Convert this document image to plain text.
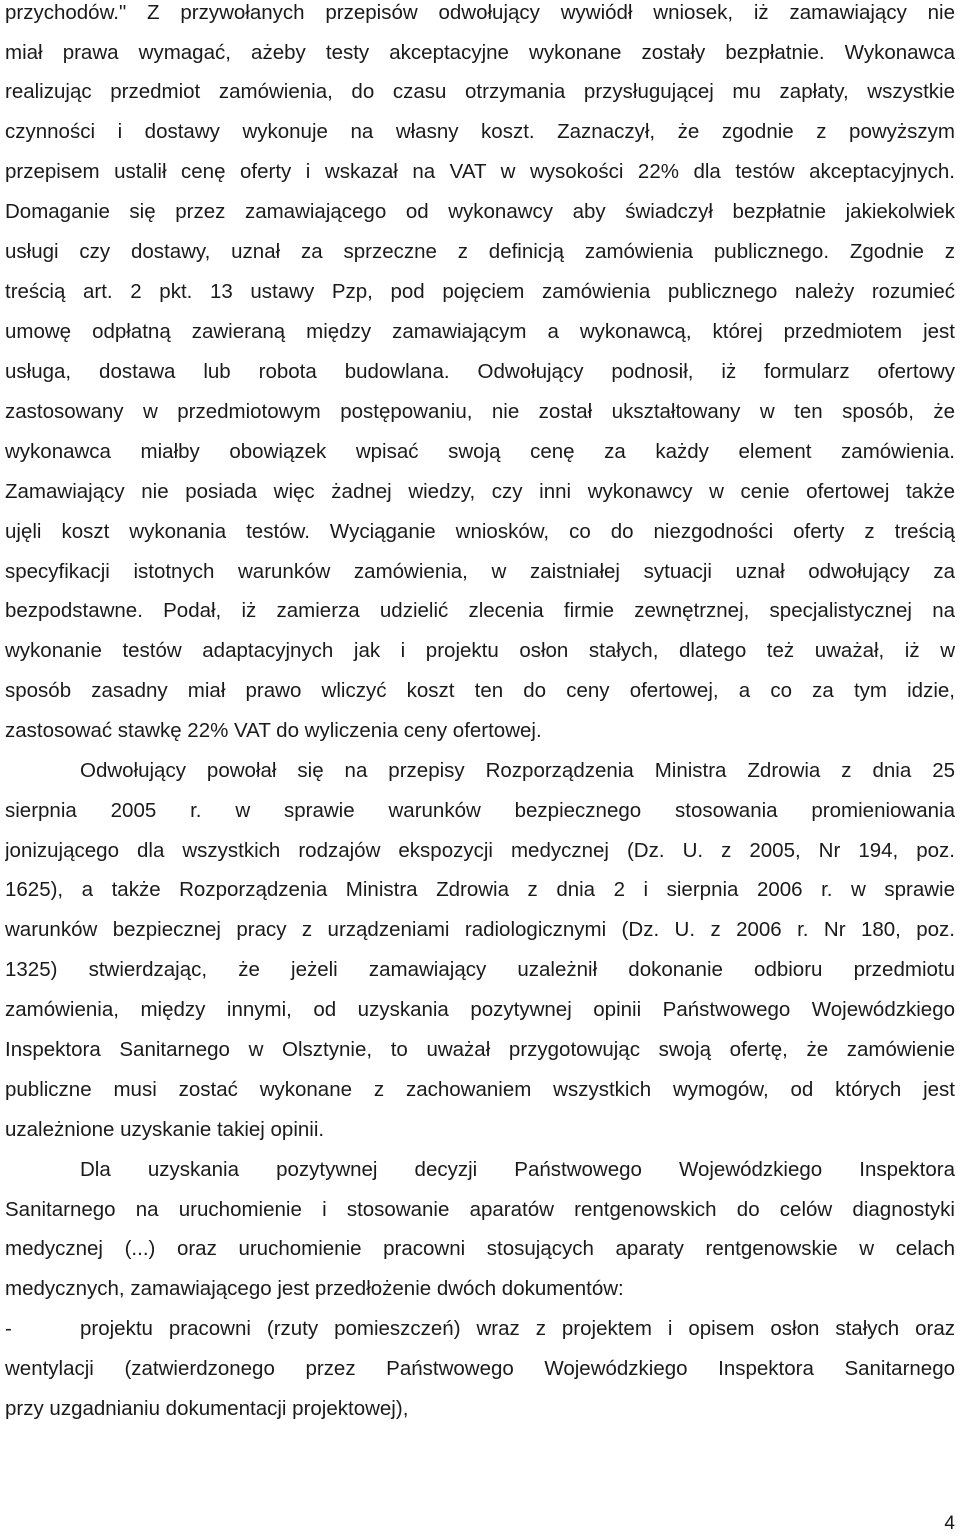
przychodów." Z przywołanych przepisów odwołujący wywiódł wniosek, iż zamawiający nie
miał prawa wymagać, ażeby testy akceptacyjne wykonane zostały bezpłatnie. Wykonawca
realizując przedmiot zamówienia, do czasu otrzymania przysługującej mu zapłaty, wszystkie
czynności i dostawy wykonuje na własny koszt. Zaznaczył, że zgodnie z powyższym
przepisem ustalił cenę oferty i wskazał na VAT w wysokości 22% dla testów akceptacyjnych.
Domaganie się przez zamawiającego od wykonawcy aby świadczył bezpłatnie jakiekolwiek
usługi czy dostawy, uznał za sprzeczne z definicją zamówienia publicznego. Zgodnie z
treścią art. 2 pkt. 13 ustawy Pzp, pod pojęciem zamówienia publicznego należy rozumieć
umowę odpłatną zawieraną między zamawiającym a wykonawcą, której przedmiotem jest
usługa, dostawa lub robota budowlana. Odwołujący podnosił, iż formularz ofertowy
zastosowany w przedmiotowym postępowaniu, nie został ukształtowany w ten sposób, że
wykonawca miałby obowiązek wpisać swoją cenę za każdy element zamówienia.
Zamawiający nie posiada więc żadnej wiedzy, czy inni wykonawcy w cenie ofertowej także
ujęli koszt wykonania testów. Wyciąganie wniosków, co do niezgodności oferty z treścią
specyfikacji istotnych warunków zamówienia, w zaistniałej sytuacji uznał odwołujący za
bezpodstawne. Podał, iż zamierza udzielić zlecenia firmie zewnętrznej, specjalistycznej na
wykonanie testów adaptacyjnych jak i projektu osłon stałych, dlatego też uważał, iż w
sposób zasadny miał prawo wliczyć koszt ten do ceny ofertowej, a co za tym idzie,
zastosować stawkę 22% VAT do wyliczenia ceny ofertowej.
Odwołujący powołał się na przepisy Rozporządzenia Ministra Zdrowia z dnia 25
sierpnia 2005 r. w sprawie warunków bezpiecznego stosowania promieniowania
jonizującego dla wszystkich rodzajów ekspozycji medycznej (Dz. U. z 2005, Nr 194, poz.
1625), a także Rozporządzenia Ministra Zdrowia z dnia 2 i sierpnia 2006 r. w sprawie
warunków bezpiecznej pracy z urządzeniami radiologicznymi (Dz. U. z 2006 r. Nr 180, poz.
1325) stwierdzając, że jeżeli zamawiający uzależnił dokonanie odbioru przedmiotu
zamówienia, między innymi, od uzyskania pozytywnej opinii Państwowego Wojewódzkiego
Inspektora Sanitarnego w Olsztynie, to uważał przygotowując swoją ofertę, że zamówienie
publiczne musi zostać wykonane z zachowaniem wszystkich wymogów, od których jest
uzależnione uzyskanie takiej opinii.
Dla uzyskania pozytywnej decyzji Państwowego Wojewódzkiego Inspektora
Sanitarnego na uruchomienie i stosowanie aparatów rentgenowskich do celów diagnostyki
medycznej (...) oraz uruchomienie pracowni stosujących aparaty rentgenowskie w celach
medycznych, zamawiającego jest przedłożenie dwóch dokumentów:
-	projektu pracowni (rzuty pomieszczeń) wraz z projektem i opisem osłon stałych oraz
wentylacji (zatwierdzonego przez Państwowego Wojewódzkiego Inspektora Sanitarnego
przy uzgadnianiu dokumentacji projektowej),
4
